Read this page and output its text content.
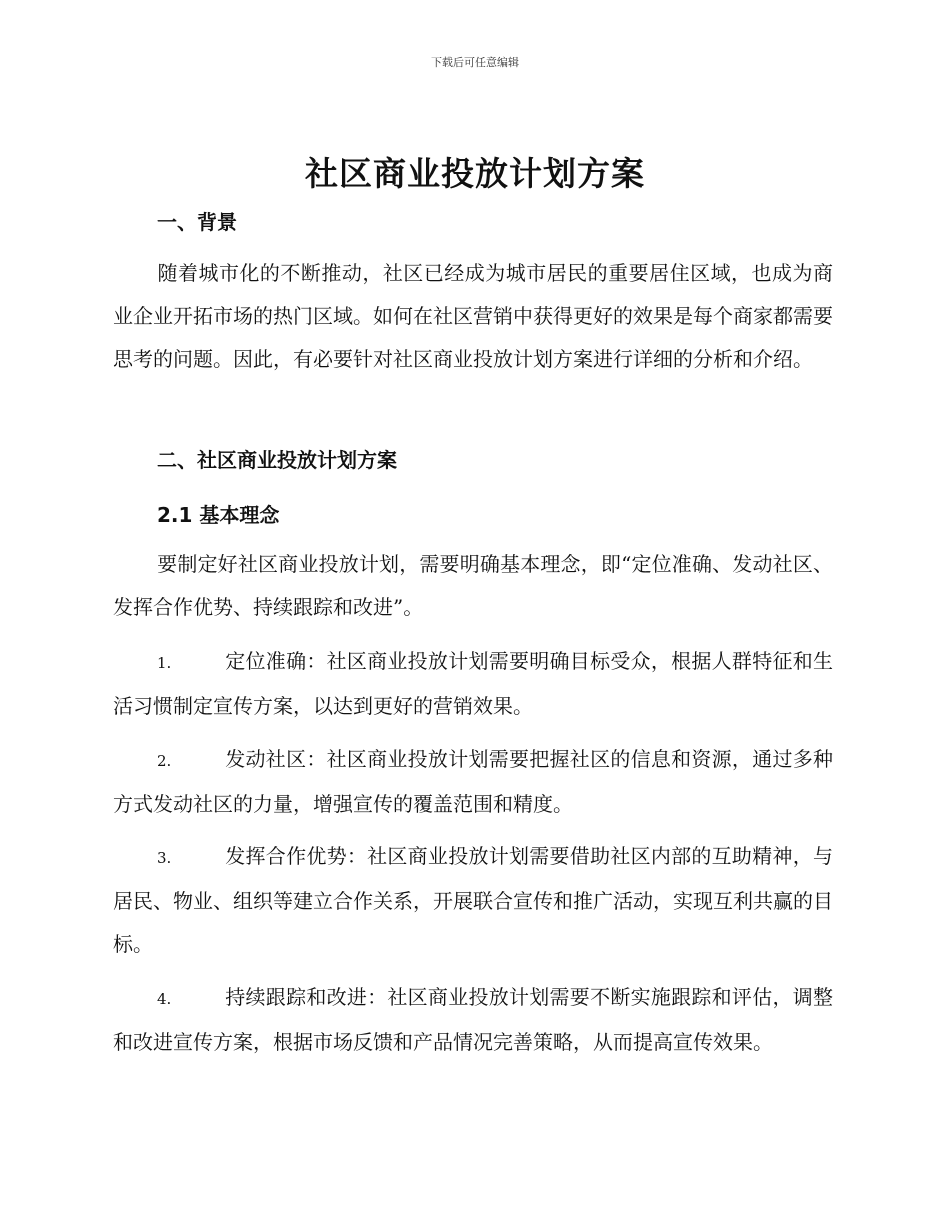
下载后可任意编辑
社区商业投放计划方案
一、背景

随着城市化的不断推动，社区已经成为城市居民的重要居住区域，也成为商业企业开拓市场的热门区域。如何在社区营销中获得更好的效果是每个商家都需要思考的问题。因此，有必要针对社区商业投放计划方案进行详细的分析和介绍。

二、社区商业投放计划方案
2.1 基本理念

要制定好社区商业投放计划，需要明确基本理念，即“定位准确、发动社区、发挥合作优势、持续跟踪和改进”。

1.	定位准确：社区商业投放计划需要明确目标受众，根据人群特征和生活习惯制定宣传方案，以达到更好的营销效果。

2.	发动社区：社区商业投放计划需要把握社区的信息和资源，通过多种方式发动社区的力量，增强宣传的覆盖范围和精度。

3.	发挥合作优势：社区商业投放计划需要借助社区内部的互助精神，与居民、物业、组织等建立合作关系，开展联合宣传和推广活动，实现互利共赢的目标。

4.	持续跟踪和改进：社区商业投放计划需要不断实施跟踪和评估，调整和改进宣传方案，根据市场反馈和产品情况完善策略，从而提高宣传效果。
